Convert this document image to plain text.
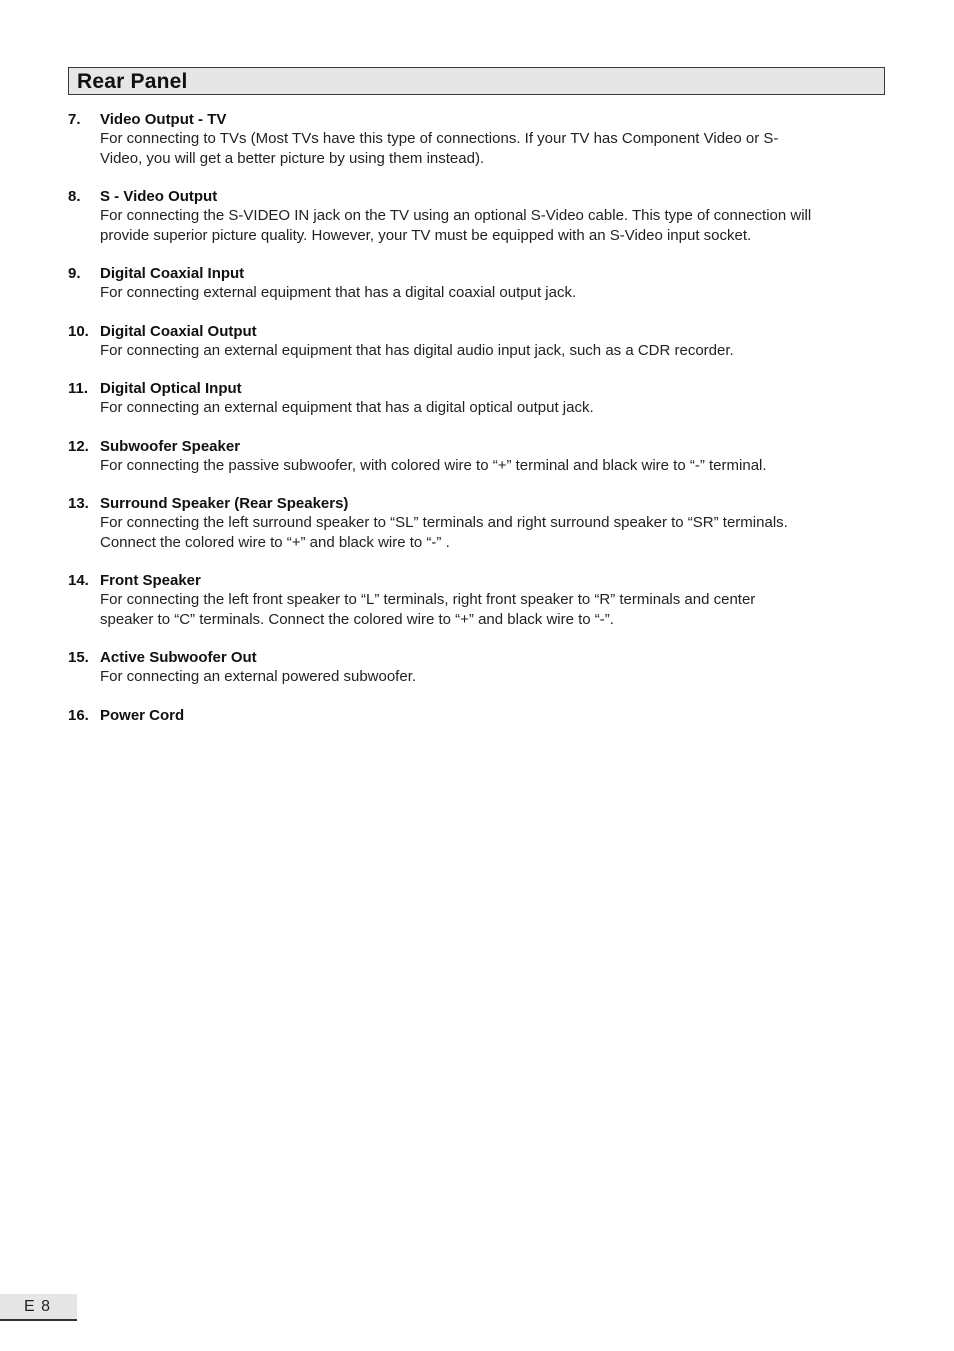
Rear Panel
7.	Video Output - TV
For connecting to TVs (Most TVs have this type of connections. If your TV has Component Video or S-
Video, you will get a better picture by using them instead).
8.	S - Video Output
For connecting the S-VIDEO IN jack on the TV using an optional S-Video cable. This type of connection will
provide superior picture quality. However, your TV must be equipped with an S-Video input socket.
9.	Digital Coaxial Input
For connecting external equipment that has a digital coaxial output jack.
10. Digital Coaxial Output
For connecting an external equipment that has digital audio input jack, such as a CDR recorder.
11. Digital Optical Input
For connecting an external equipment that has a digital optical output jack.
12. Subwoofer Speaker
For connecting the passive subwoofer, with colored wire to “+” terminal and black wire to “-” terminal.
13. Surround Speaker (Rear Speakers)
For connecting the left surround speaker to “SL” terminals and right surround speaker to “SR” terminals.
Connect the colored wire to “+” and black wire to “-” .
14. Front Speaker
For connecting the left front speaker to “L” terminals, right front speaker to “R” terminals and center
speaker to “C” terminals. Connect the colored wire to “+” and black wire to “-”.
15. Active Subwoofer Out
For connecting an external powered subwoofer.
16. Power Cord
E 8
